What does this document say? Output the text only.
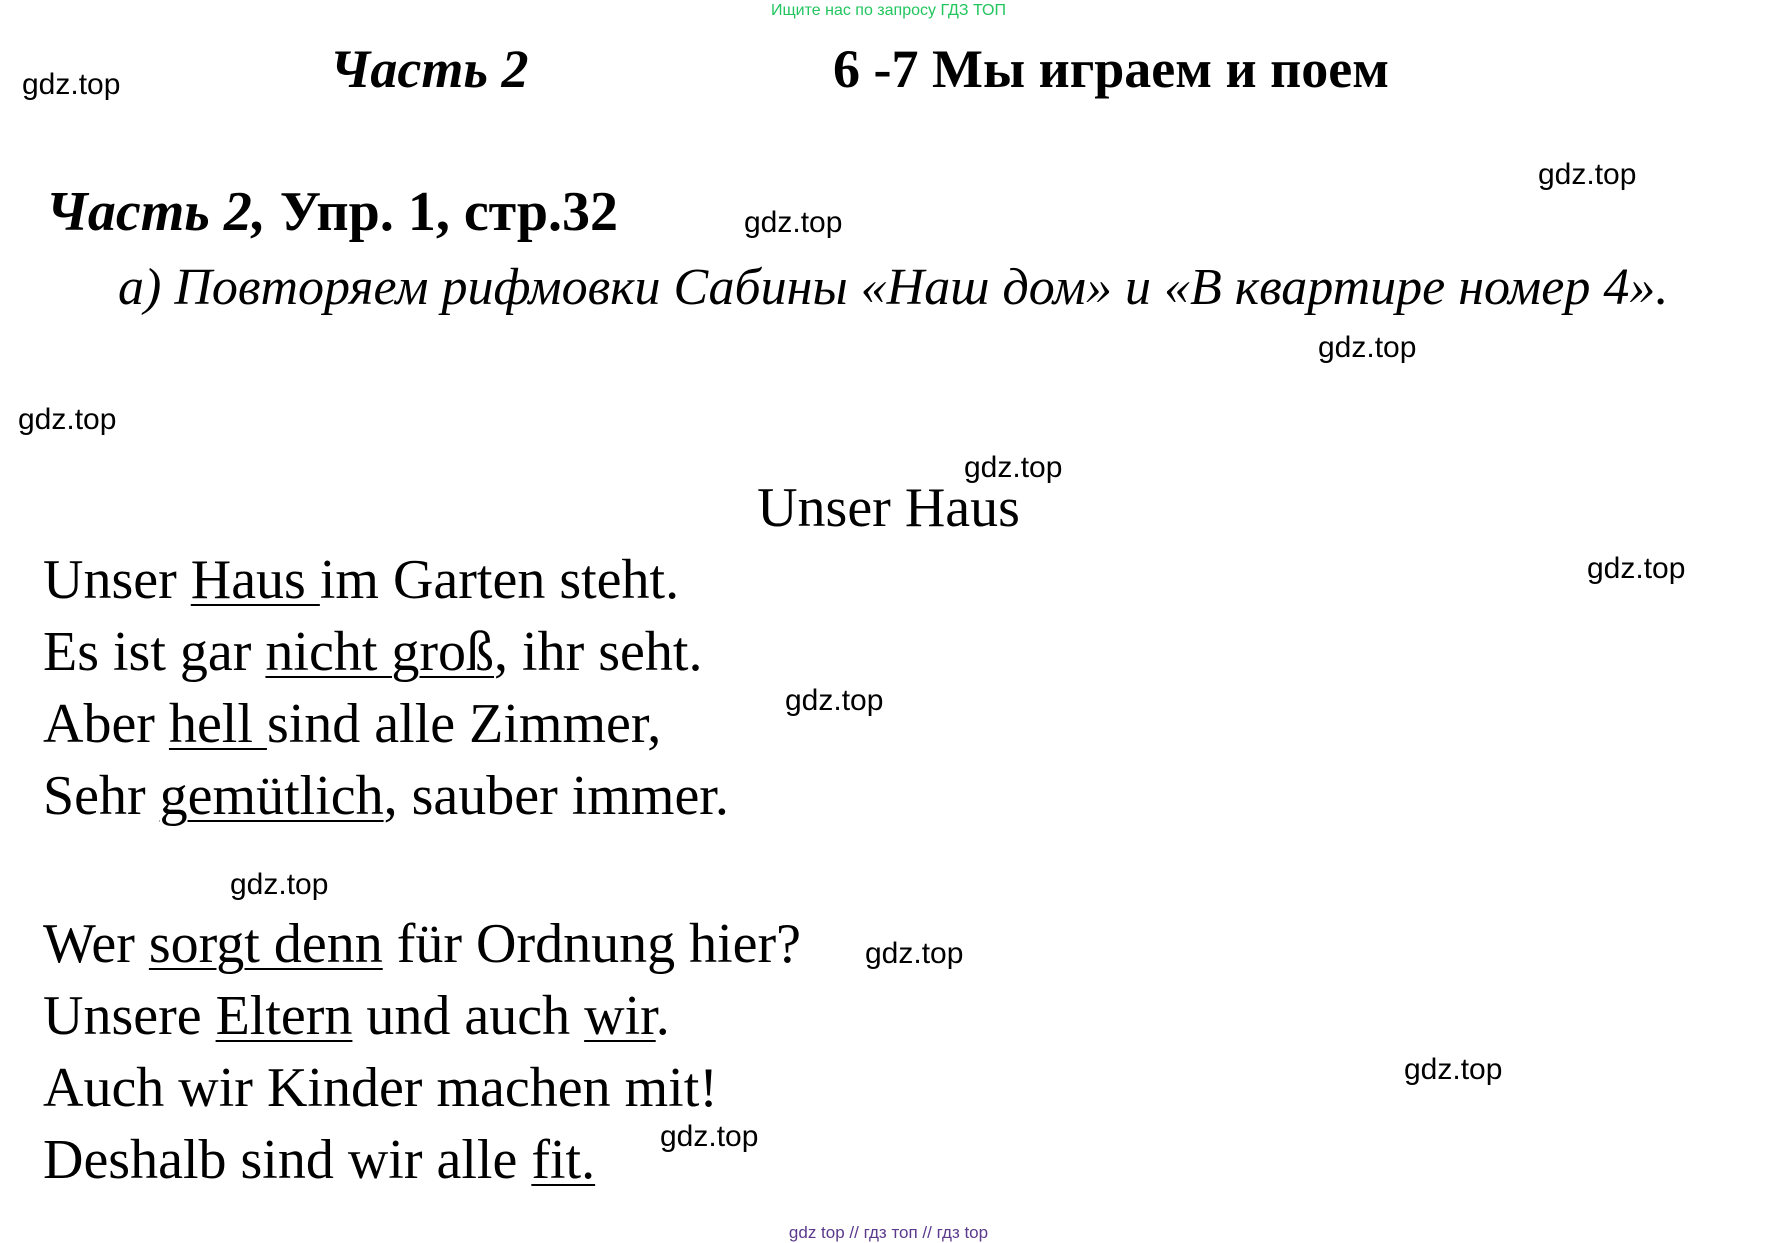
Ищите нас по запросу ГДЗ ТОП
gdz.top	Часть 2	6 -7 Мы играем и поем
gdz.top
Часть 2, Упр. 1, стр.32	gdz.top
а) Повторяем рифмовки Сабины «Наш дом» и «В квартире номер 4».
gdz.top
gdz.top
gdz.top
Unser Haus
gdz.top
Unser Haus im Garten steht.
Es ist gar nicht groß, ihr seht.
Aber hell sind alle Zimmer,
Sehr gemütlich, sauber immer.
gdz.top
gdz.top
Wer sorgt denn für Ordnung hier? gdz.top
Unsere Eltern und auch wir.
Auch wir Kinder machen mit!	gdz.top
Deshalb sind wir alle fit. gdz.top
gdz top // гдз топ // гдз top
